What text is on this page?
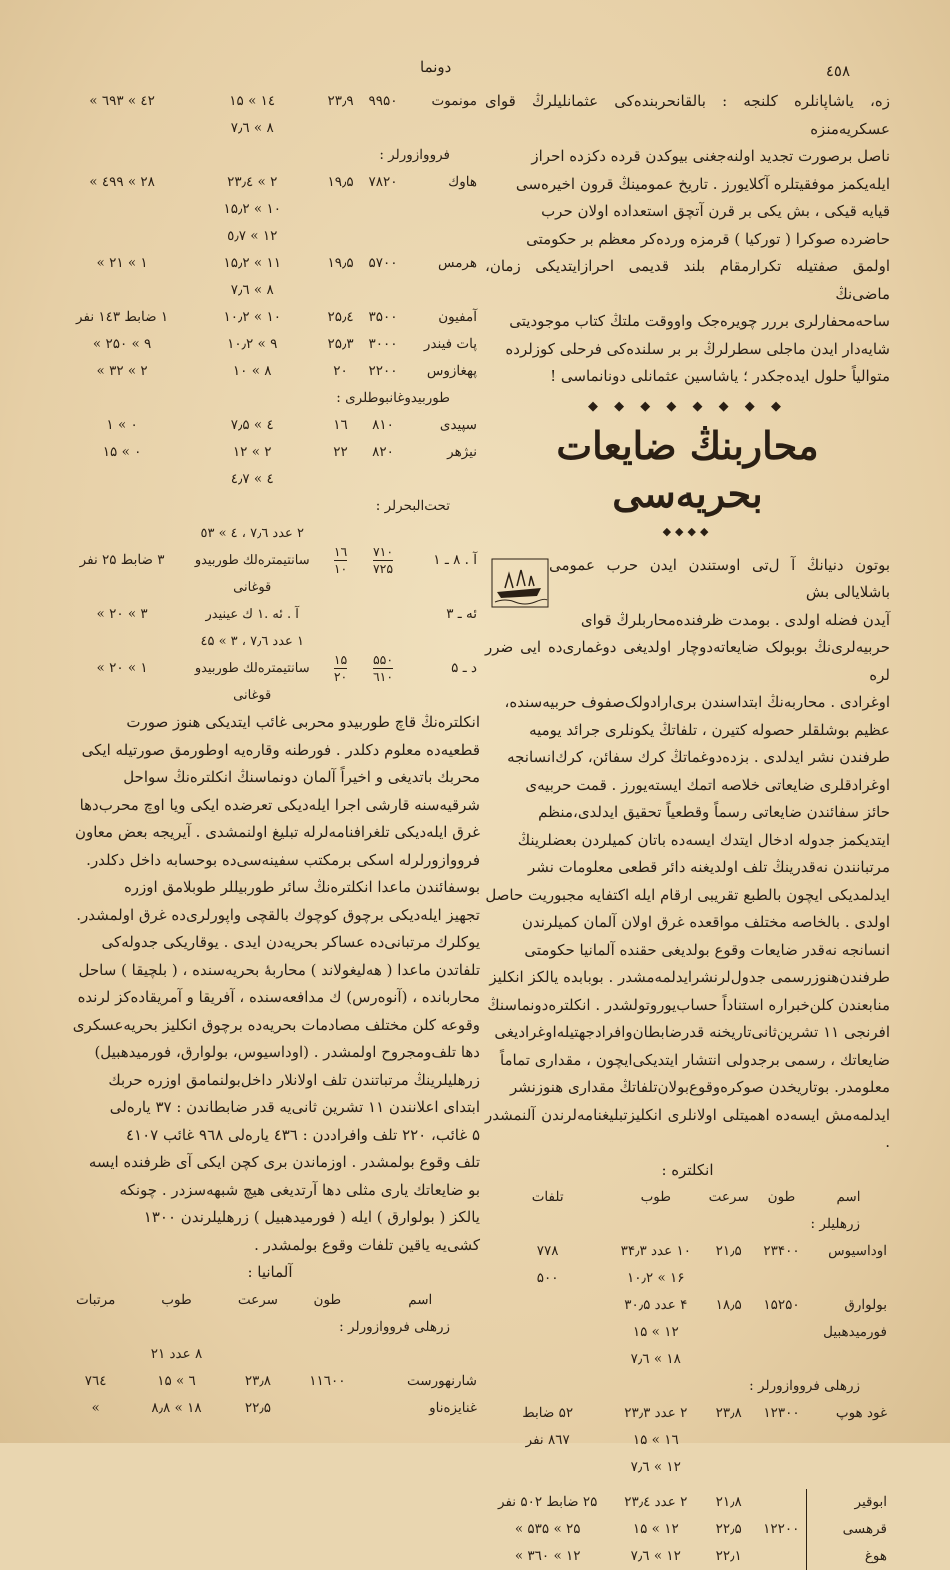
٤٥٨
دونما
زه، یاشاپانلره کلنجه : بالقانحربنده‌کی عثمانلیلرڭ قوای عسکریه‌منزه
ناصل برصورت تجدید اولنه‌جغنی بیوکدن قرده دکزده احراز
ایله‌یکمز موفقیتلره آکلایورز . تاریخ عمومینڭ قرون اخیره‌سی
قیایه قیکی ، بش یکی بر قرن آتچق استعداده اولان حرب
حاضرده صوکرا ( تورکیا ) قرمزه ورده‌کر معظم بر حکومتی
اولمق صفتیله تکرارمقام بلند قدیمی احرازایتدیکی زمان، ماضی‌نڭ
ساحه‌محفارلری بررر چویره‌جک واووقت ملتڭ کتاب موجودیتی
شایه‌دار ایدن ماجلی سطرلرڭ بر بر سلنده‌کی فرحلی کوزلرده
متوالیاً حلول ایده‌جکدر ؛ یاشاسین عثمانلی دونانماسی !
◆ ◆ ◆ ◆ ◆ ◆ ◆ ◆
محاربنڭ ضایعات بحریه‌سی
◆◆◆◆
بوتون دنیانڭ آ ل‌تی اوستندن ایدن حرب عمومی باشلایالی بش
آیدن فضله اولدی . بومدت ظرفنده‌محاربلرڭ قوای
حربیه‌لری‌نڭ بوبولک ضایعاته‌دوچار اولدیغی دوغماری‌ده ایی ضرر لره
اوغرادی . محاربه‌نڭ ابتداسندن بری‌ارادولک‌صفوف حربیه‌سنده،
عظیم بوشلقلر حصوله‌ کتیرن ، تلفاتڭ یکونلری جرائد یومیه
طرفندن نشر ایدلدی . بزده‌دوغماتڭ کرك سفائن، کرك‌انسانجه
اوغرادقلری ضایعاتی خلاصه اتمك ایسته‌یورز . قمت حربیه‌ی
حائز سفائندن ضایعاتی رسماً وقطعیاً تحقیق ایدلدی،منظم
ایتدیکمز جدوله ادخال ایتدك ایسه‌ده باتان کمیلردن بعضلرینڭ
مرتبانندن نه‌قدرینڭ تلف اولدیغنه دائر قطعی معلومات نشر
ایدلمدیکی ایچون بالطبع تقریبی ارقام ایله اکتفایه مجبوریت حاصل
اولدی . بالخاصه مختلف مواقعده غرق اولان آلمان کمیلرندن
انسانجه نه‌قدر ضایعات وقوع بولدیغی حقنده آلمانیا حکومتی
طرفندن‌هنوزرسمی جدول‌لرنشرایدلمه‌مشدر . بوبابده یالکز انکلیز
منابعندن کلن‌خبراره استناداً حساب‌یوروتولشدر . انکلتره‌دونماسنڭ
افرنجی ۱۱ تشرین‌ثانی‌تاریخنه قدرضابطان‌وافرادجهتیله‌اوغرادیغی
ضایعاتك ، رسمی برجدولی انتشار ایتدیکی‌ایچون ، مقداری تماماً
معلومدر. بوتاریخدن صوکره‌وقوع‌بولان‌تلفاتڭ مقداری هنوزنشر
ایدلمه‌مش ایسه‌ده اهمیتلی اولانلری انکلیزتبلیغنامه‌لرندن آلنمشدر .
انکلتره :
اسم	طون	سرعت	طوب	تلفات
زرهلیلر :				
اوداسیوس	۲۳۴۰۰	۲۱٫۵	۱۰ عدد ۳۴٫۳	۷۷۸
			۱۶ » ۱۰٫۲	۵۰۰
بولوارق	۱۵۲۵۰	۱۸٫۵	۴ عدد ۳۰٫۵	
فورمیدهبیل			۱۲ » ۱۵	
			۱۸ » ۷٫٦	
زرهلی فرووازورلر :				
غود هوپ	۱۲۳۰۰	۲۳٫۸	۲ عدد ۲۳٫۳	۵۲ ضابط
			۱٦ » ۱۵	۸٦۷ نفر
			۱۲ » ۷٫٦	

ابوقیر		۲۱٫۸	۲ عدد ۲۳٫٤	۲۵ ضابط ۵۰۲ نفر
قرهسی	۱۲۲۰۰	۲۲٫۵	۱۲ » ۱۵	۲۵ » ۵۳۵ »
هوغ		۲۲٫۱	۱۲ » ۷٫٦	۱۲ » ۳٦۰ »
مونموت	۹۹۵۰	۲۳٫۹	۱٤ » ۱۵	٤۲ » ٦۹۳ »
			۸ » ۷٫٦	
فرووازورلر :				
هاوك	۷۸۲۰	۱۹٫۵	۲ » ۲۳٫٤	۲۸ » ٤۹۹ »
			۱۰ » ۱۵٫۲	
			۱۲ » ٥٫۷	
هرمس	۵۷۰۰	۱۹٫۵	۱۱ » ۱۵٫۲	۱ » ۲۱ »
			۸ » ۷٫٦	
آمفیون	۳۵۰۰	۲۵٫٤	۱۰ » ۱۰٫۲	۱ ضابط ۱٤۳ نفر
پات فیندر	۳۰۰۰	۲۵٫۳	۹ » ۱۰٫۲	۹ » ۲۵۰ »
پهغازوس	۲۲۰۰	۲۰	۸ » ۱۰	۲ » ۳۲ »
طوربیدوغانبوطلری :				
سپیدی	۸۱۰	۱٦	٤ » ۷٫۵	۰ » ۱
نیژهر	۸۲۰	۲۲	۲ » ۱۲	۰ » ۱۵
			٤ » ٤٫۷	
تحت‌البحرلر :				
آ . ۸ ـ ۱	$\frac{۷۱۰}{۷۲۵}$	$\frac{۱٦}{۱۰}$	۲ عدد ۷٫٦ ، ٤ » ٥۳ سانتیمترەلك طوربیدو قوغانی	۳ ضابط ۲۵ نفر
ئه ـ ۳			آ . ئه .۱ ك عینیدر	۳ » ۲۰ »
د ـ ۵	$\frac{۵۵۰}{٦۱۰}$	$\frac{۱۵}{۲۰}$	۱ عدد ۷٫٦ ، ۳ » ٤۵ سانتیمترەلك طوربیدو قوغانی	۱ » ۲۰ »
انکلتره‌نڭ قاچ طوربیدو محربی غائب ایتدیکی هنوز صورت
قطعیه‌ده معلوم دکلدر . فورطنه وقارەیه اوطورمق صورتیله ایکی
محربك باتدیغی و اخیراً آلمان دونماسنڭ انکلتره‌نڭ سواحل
شرقیه‌سنه قارشی اجرا ایله‌دیکی تعرضده ایکی ویا اوچ محرب‌دها
غرق ایله‌دیکی تلغرافنامه‌لرله تبلیغ اولنمشدی . آیریجه بعض معاون
فرووازورلرله اسکی برمکتب سفینه‌سی‌ده بوحسابه داخل دکلدر.
بوسفائندن ماعدا انکلتره‌نڭ سائر طوربیللر طوبلامق اوزره
تجهیز ایله‌دیکی برچوق کوچوك بالقچی واپورلری‌ده غرق اولمشدر.
یوکلرك مرتبانی‌ده عساکر بحریه‌دن ایدی . یوقاریکی جدوله‌کی
تلفاتدن ماعدا ( هه‌لیغولاند ) محاربۀ بحریه‌سنده ، ( بلچیقا ) ساحل
محاربانده ، (آنوه‌رس) ك مدافعه‌سنده ، آفریقا و آمریقاده‌کز لرنده
وقوعه کلن مختلف مصادمات بحریه‌ده برچوق انکلیز بحریه‌عسکری
دها تلف‌و‌مجروح اولمشدر . (اوداسیوس، بولوارق، فورمیدهبیل)
زرهلیلرینڭ مرتباتندن تلف اولانلار داخل‌بولنمامق اوزره حربك
ابتدای اعلانندن ۱۱ تشرین ثانی‌یه قدر ضابطاندن : ۳۷ یارەلی
۵ غائب، ۲۲۰ تلف وافراددن : ٤۳٦ یارەلی ۹٦۸ غائب ٤۱۰۷
تلف وقوع بولمشدر . اوزماندن بری کچن ایکی آی ظرفنده‌ ایسه
بو ضایعاتك یاری مثلی دها آرتدیغی هیچ شبهه‌سزدر . چونکه
یالکز ( بولوارق ) ایله ( فورمیدهبیل ) زرهلیلرندن ۱۳۰۰
کشی‌یه یاقین تلفات وقوع بولمشدر .
آلمانیا :
اسم	طون	سرعت	طوب	مرتبات
زرهلی فرووازورلر :				
			۸ عدد ۲۱	
شارنهورست	۱۱٦۰۰	۲۳٫۸	٦ » ۱۵	۷٦٤
غنایزه‌ناو		۲۲٫۵	۱۸ » ۸٫۸	»
